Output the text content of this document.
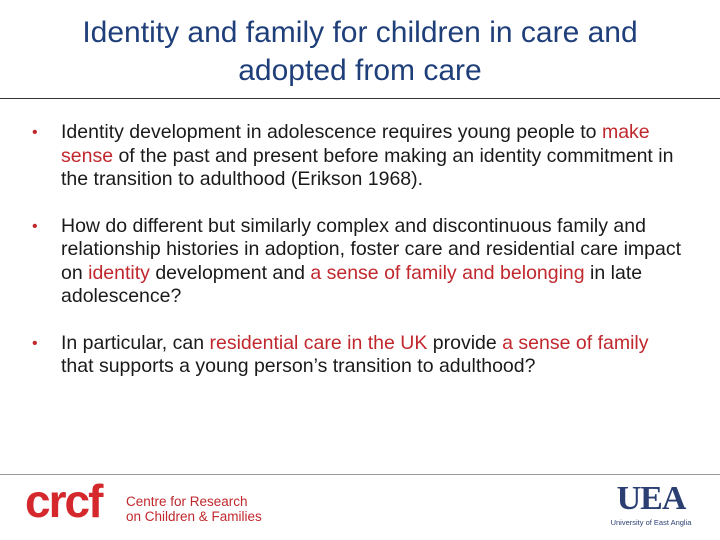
Identity and family for children in care and
adopted from care
• Identity development in adolescence requires young people to make sense of the past and present before making an identity commitment in the transition to adulthood (Erikson 1968).
• How do different but similarly complex and discontinuous family and relationship histories in adoption, foster care and residential care impact on identity development and a sense of family and belonging in late adolescence?
• In particular, can residential care in the UK provide a sense of family that supports a young person’s transition to adulthood?
crcf Centre for Research
on Children & Families	UEA
University of East Anglia
